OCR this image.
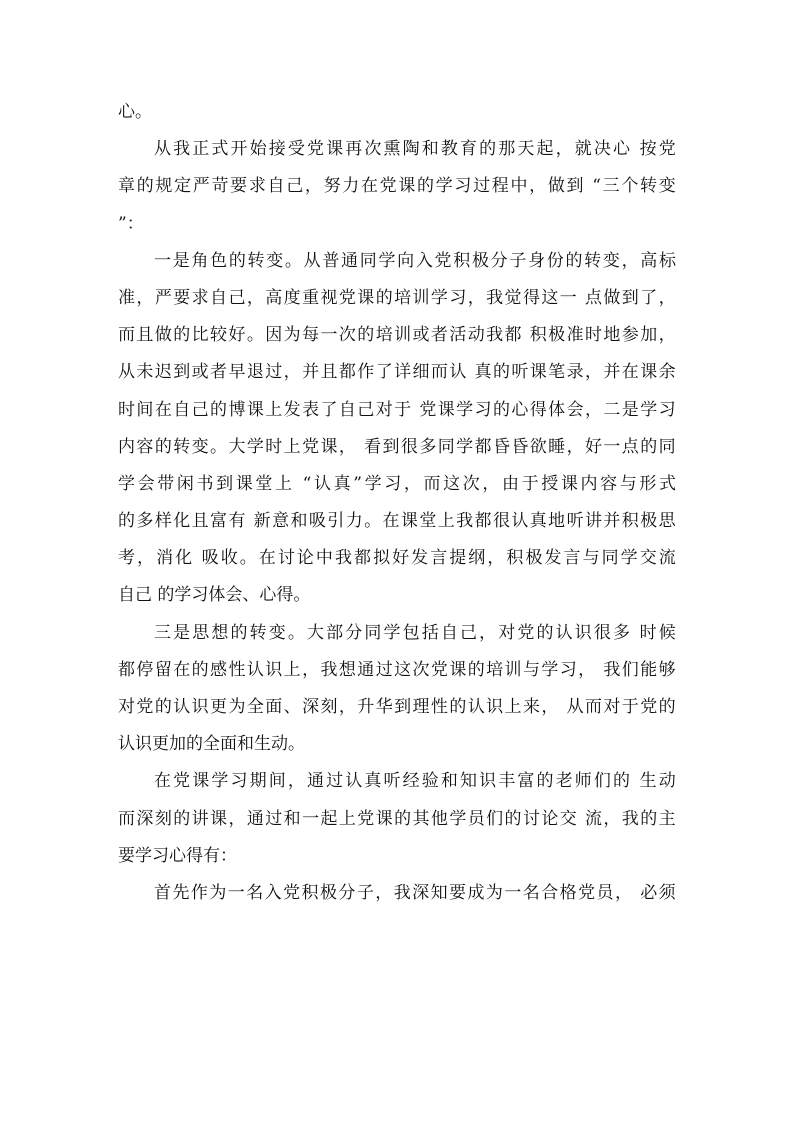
心。
从 我 正 式 开 始 接 受 党 课 再 次 熏 陶 和 教 育 的 那 天 起 ， 就 决 心
按 党
章 的 规 定 严 苛 要 求 自 己 ， 努 力 在 党 课 的 学 习 过 程 中 ， 做 到
“ 三 个 转 变
”：
一 是 角 色 的 转 变 。 从 普 通 同 学 向 入 党 积 极 分 子 身 份 的 转 变 ， 高 标
准 ， 严 要 求 自 己 ， 高 度 重 视 党 课 的 培 训 学 习 ， 我 觉 得 这 一
点 做 到 了 ，
而 且 做 的 比 较 好 。 因 为 每 一 次 的 培 训 或 者 活 动 我 都
积 极 准 时 地 参 加 ，
从 未 迟 到 或 者 早 退 过 ， 并 且 都 作 了 详 细 而 认
真 的 听 课 笔 录 ， 并 在 课 余
时 间 在 自 己 的 博 课 上 发 表 了 自 己 对 于
党 课 学 习 的 心 得 体 会 ， 二 是 学 习
内 容 的 转 变 。 大 学 时 上 党 课 ，
看 到 很 多 同 学 都 昏 昏 欲 睡 ， 好 一 点 的 同
学 会 带 闲 书 到 课 堂 上
“ 认 真 ” 学 习 ， 而 这 次 ， 由 于 授 课 内 容 与 形 式
的 多 样 化 且 富 有
新 意 和 吸 引 力 。 在 课 堂 上 我 都 很 认 真 地 听 讲 并 积 极 思
考 ， 消 化
吸 收 。 在 讨 论 中 我 都 拟 好 发 言 提 纲 ， 积 极 发 言 与 同 学 交 流
自己 的学习体会、心得。
三 是 思 想 的 转 变 。 大 部 分 同 学 包 括 自 己 ， 对 党 的 认 识 很 多
时 候
都 停 留 在 的 感 性 认 识 上 ， 我 想 通 过 这 次 党 课 的 培 训 与 学 习 ，
我 们 能 够
对 党 的 认 识 更 为 全 面 、 深 刻 ， 升 华 到 理 性 的 认 识 上 来 ，
从 而 对 于 党 的
认识更加的全面和生动。
在 党 课 学 习 期 间 ， 通 过 认 真 听 经 验 和 知 识 丰 富 的 老 师 们 的
生 动
而 深 刻 的 讲 课 ， 通 过 和 一 起 上 党 课 的 其 他 学 员 们 的 讨 论 交
流 ， 我 的 主
要学习心得有：
首 先 作 为 一 名 入 党 积 极 分 子 ， 我 深 知 要 成 为 一 名 合 格 党 员 ，
必 须
